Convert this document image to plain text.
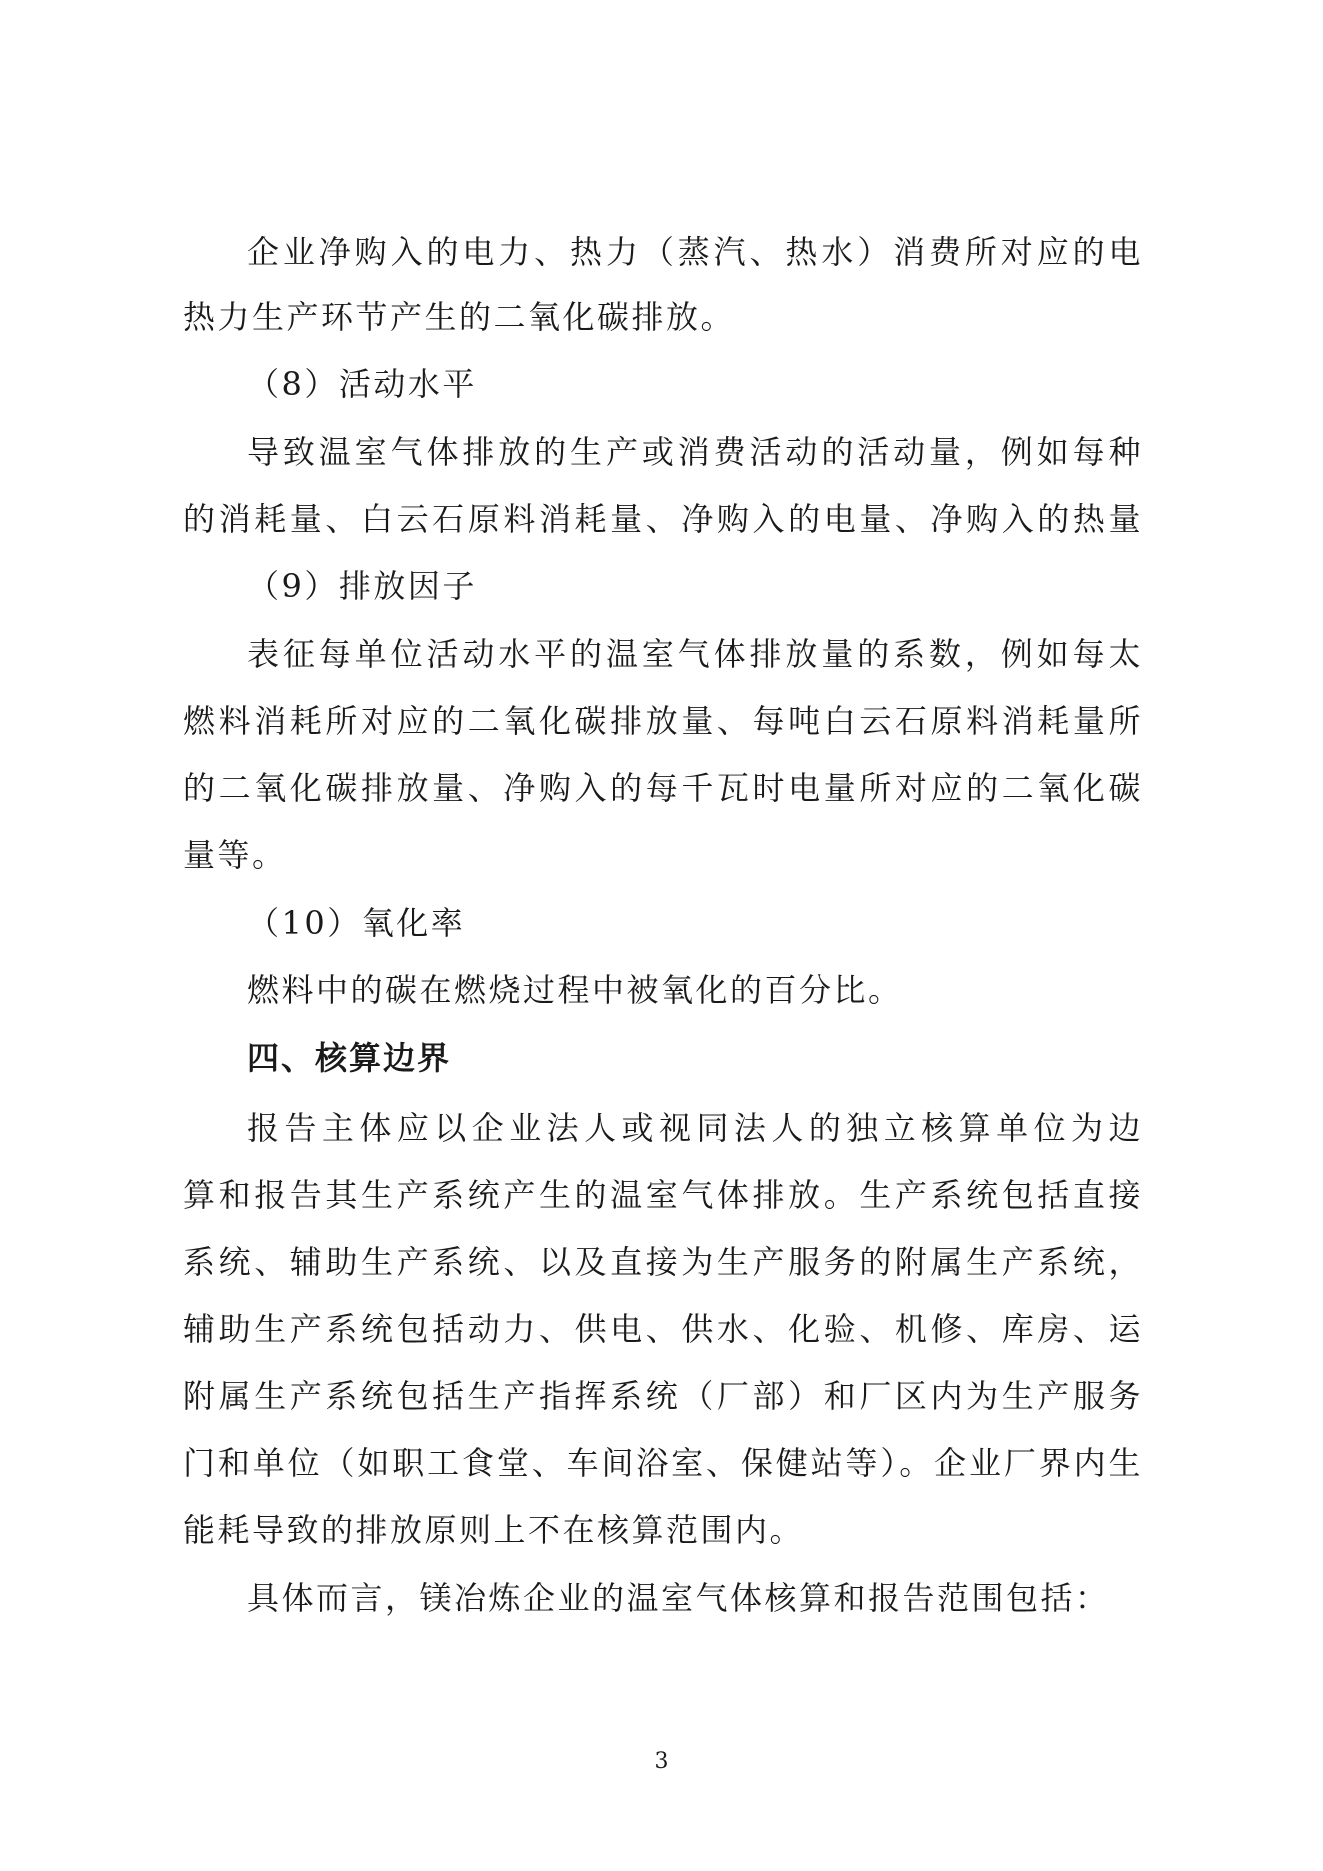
企业净购入的电力、热力（蒸汽、热水）消费所对应的电
热力生产环节产生的二氧化碳排放。
（8）活动水平
导致温室气体排放的生产或消费活动的活动量，例如每种
的消耗量、白云石原料消耗量、净购入的电量、净购入的热量
（9）排放因子
表征每单位活动水平的温室气体排放量的系数，例如每太
燃料消耗所对应的二氧化碳排放量、每吨白云石原料消耗量所
的二氧化碳排放量、净购入的每千瓦时电量所对应的二氧化碳
量等。
（10）氧化率
燃料中的碳在燃烧过程中被氧化的百分比。
四、核算边界
报告主体应以企业法人或视同法人的独立核算单位为边
算和报告其生产系统产生的温室气体排放。生产系统包括直接
系统、辅助生产系统、以及直接为生产服务的附属生产系统，
辅助生产系统包括动力、供电、供水、化验、机修、库房、运
附属生产系统包括生产指挥系统（厂部）和厂区内为生产服务
门和单位（如职工食堂、车间浴室、保健站等）。企业厂界内生
能耗导致的排放原则上不在核算范围内。
具体而言，镁冶炼企业的温室气体核算和报告范围包括：
3
